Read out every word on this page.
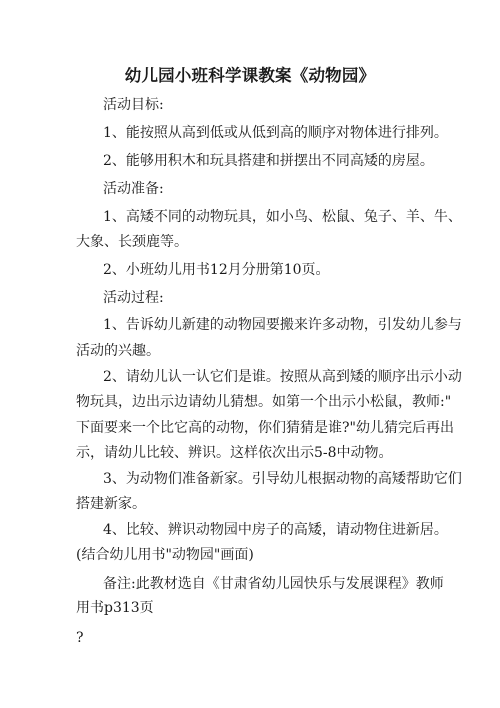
幼儿园小班科学课教案《动物园》
活动目标:
1、能按照从高到低或从低到高的顺序对物体进行排列。
2、能够用积木和玩具搭建和拼摆出不同高矮的房屋。
活动准备:
1、高矮不同的动物玩具，如小鸟、松鼠、兔子、羊、牛、
大象、长颈鹿等。
2、小班幼儿用书12月分册第10页。
活动过程:
1、告诉幼儿新建的动物园要搬来许多动物，引发幼儿参与
活动的兴趣。
2、请幼儿认一认它们是谁。按照从高到矮的顺序出示小动
物玩具，边出示边请幼儿猜想。如第一个出示小松鼠，教师:"
下面要来一个比它高的动物，你们猜猜是谁?"幼儿猜完后再出
示，请幼儿比较、辨识。这样依次出示5-8中动物。
3、为动物们准备新家。引导幼儿根据动物的高矮帮助它们
搭建新家。
4、比较、辨识动物园中房子的高矮，请动物住进新居。
(结合幼儿用书"动物园"画面)
备注:此教材选自《甘肃省幼儿园快乐与发展课程》教师
用书p313页
?
